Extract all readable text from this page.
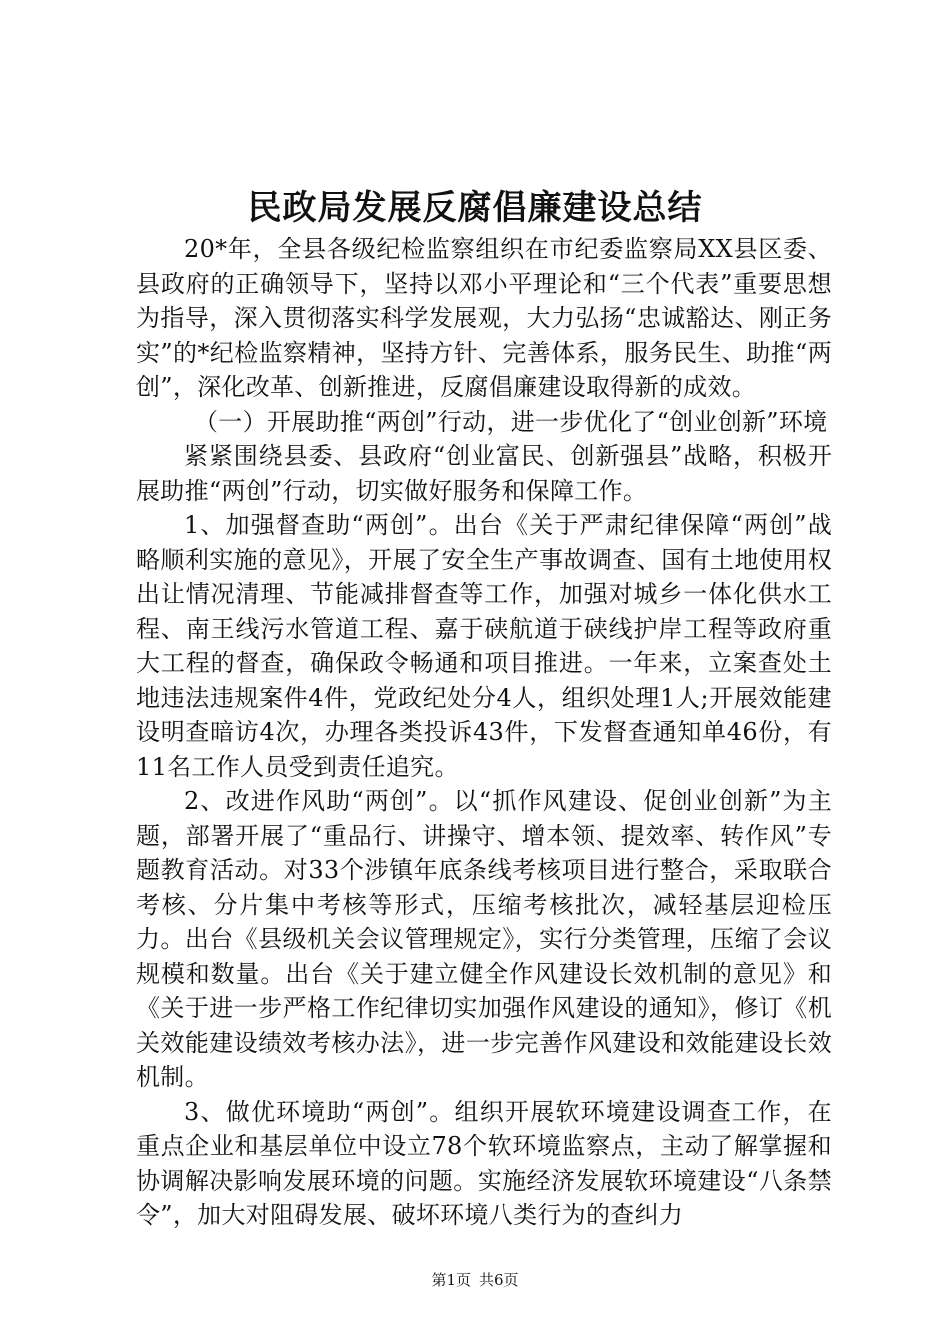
民政局发展反腐倡廉建设总结

20*年，全县各级纪检监察组织在市纪委监察局XX县区委、县政府的正确领导下，坚持以邓小平理论和“三个代表”重要思想为指导，深入贯彻落实科学发展观，大力弘扬“忠诚豁达、刚正务实”的*纪检监察精神，坚持方针、完善体系，服务民生、助推“两创”，深化改革、创新推进，反腐倡廉建设取得新的成效。

（一）开展助推“两创”行动，进一步优化了“创业创新”环境

紧紧围绕县委、县政府“创业富民、创新强县”战略，积极开展助推“两创”行动，切实做好服务和保障工作。

1、加强督查助“两创”。出台《关于严肃纪律保障“两创”战略顺利实施的意见》，开展了安全生产事故调查、国有土地使用权出让情况清理、节能减排督查等工作，加强对城乡一体化供水工程、南王线污水管道工程、嘉于硖航道于硖线护岸工程等政府重大工程的督查，确保政令畅通和项目推进。一年来，立案查处土地违法违规案件4件，党政纪处分4人，组织处理1人;开展效能建设明查暗访4次，办理各类投诉43件，下发督查通知单46份，有11名工作人员受到责任追究。

2、改进作风助“两创”。以“抓作风建设、促创业创新”为主题，部署开展了“重品行、讲操守、增本领、提效率、转作风”专题教育活动。对33个涉镇年底条线考核项目进行整合，采取联合考核、分片集中考核等形式，压缩考核批次，减轻基层迎检压力。出台《县级机关会议管理规定》，实行分类管理，压缩了会议规模和数量。出台《关于建立健全作风建设长效机制的意见》和《关于进一步严格工作纪律切实加强作风建设的通知》，修订《机关效能建设绩效考核办法》，进一步完善作风建设和效能建设长效机制。

3、做优环境助“两创”。组织开展软环境建设调查工作，在重点企业和基层单位中设立78个软环境监察点，主动了解掌握和协调解决影响发展环境的问题。实施经济发展软环境建设“八条禁令”，加大对阻碍发展、破坏环境八类行为的查纠力

第1页 共6页
